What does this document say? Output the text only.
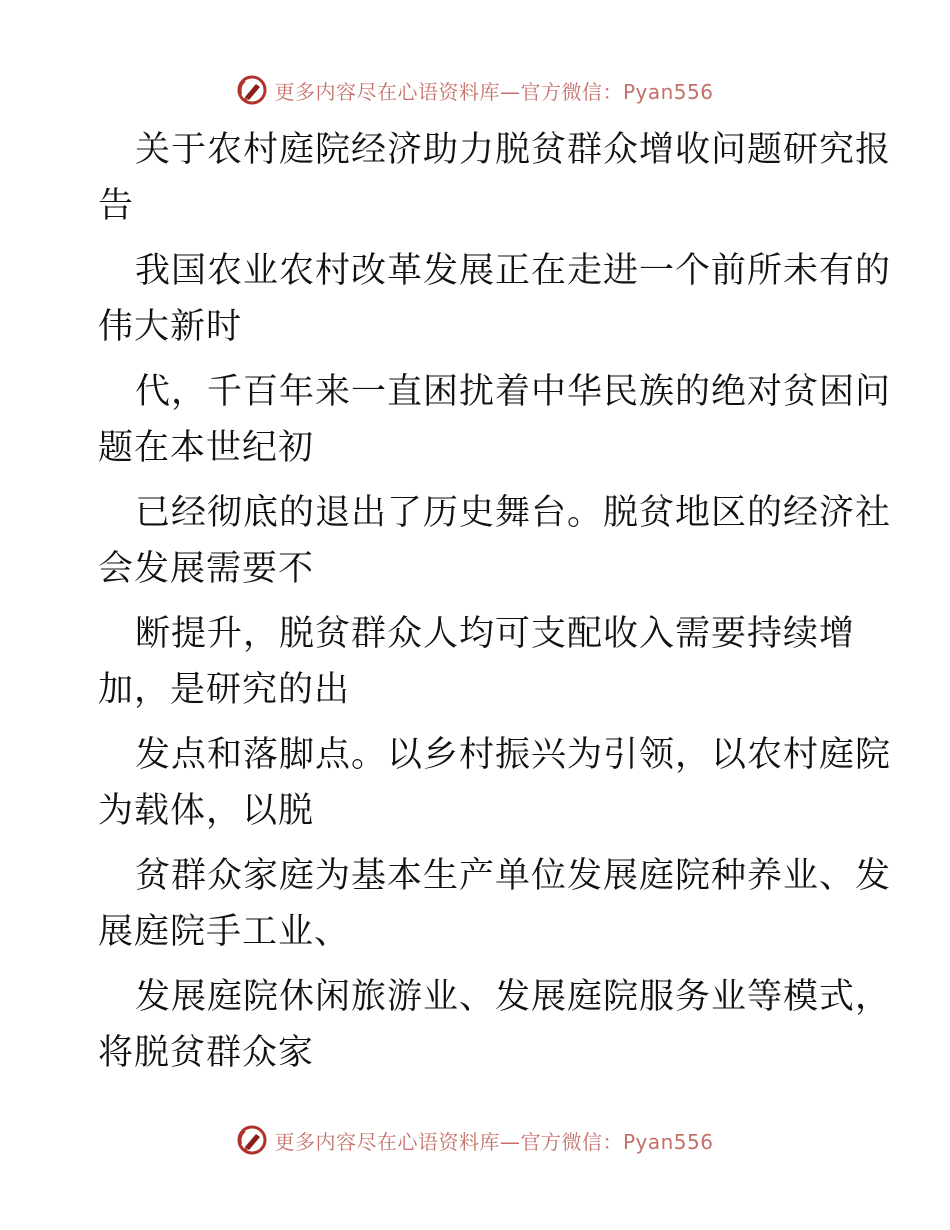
更多内容尽在心语资料库—官方微信：Pyan556

关于农村庭院经济助力脱贫群众增收问题研究报
告

我国农业农村改革发展正在走进一个前所未有的
伟大新时

代，千百年来一直困扰着中华民族的绝对贫困问
题在本世纪初

已经彻底的退出了历史舞台。脱贫地区的经济社
会发展需要不

断提升，脱贫群众人均可支配收入需要持续增
加，是研究的出

发点和落脚点。以乡村振兴为引领，以农村庭院
为载体，以脱

贫群众家庭为基本生产单位发展庭院种养业、发
展庭院手工业、

发展庭院休闲旅游业、发展庭院服务业等模式，
将脱贫群众家

更多内容尽在心语资料库—官方微信：Pyan556
